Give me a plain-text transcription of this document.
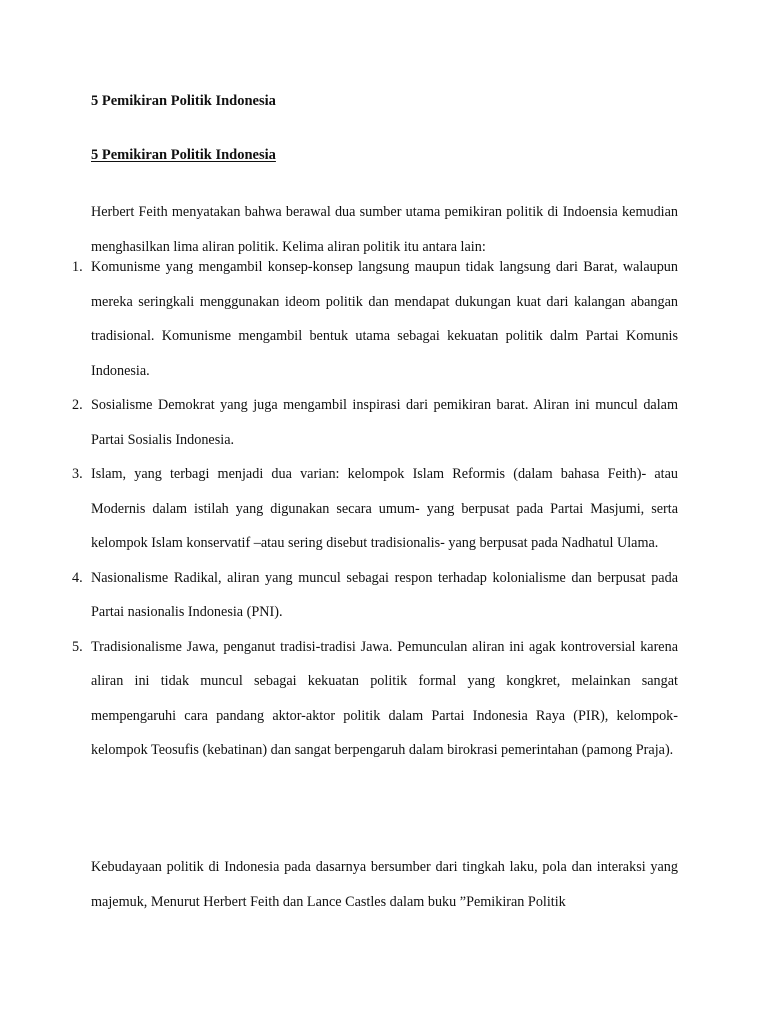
5 Pemikiran Politik Indonesia
5 Pemikiran Politik Indonesia

Herbert Feith menyatakan bahwa berawal dua sumber utama pemikiran politik di Indoensia kemudian menghasilkan lima aliran politik. Kelima aliran politik itu antara lain:

1. Komunisme yang mengambil konsep-konsep langsung maupun tidak langsung dari Barat, walaupun mereka seringkali menggunakan ideom politik dan mendapat dukungan kuat dari kalangan abangan tradisional. Komunisme mengambil bentuk utama sebagai kekuatan politik dalm Partai Komunis Indonesia.
2. Sosialisme Demokrat yang juga mengambil inspirasi dari pemikiran barat. Aliran ini muncul dalam Partai Sosialis Indonesia.
3. Islam, yang terbagi menjadi dua varian: kelompok Islam Reformis (dalam bahasa Feith)- atau Modernis dalam istilah yang digunakan secara umum- yang berpusat pada Partai Masjumi, serta kelompok Islam konservatif –atau sering disebut tradisionalis- yang berpusat pada Nadhatul Ulama.
4. Nasionalisme Radikal, aliran yang muncul sebagai respon terhadap kolonialisme dan berpusat pada Partai nasionalis Indonesia (PNI).
5. Tradisionalisme Jawa, penganut tradisi-tradisi Jawa. Pemunculan aliran ini agak kontroversial karena aliran ini tidak muncul sebagai kekuatan politik formal yang kongkret, melainkan sangat mempengaruhi cara pandang aktor-aktor politik dalam Partai Indonesia Raya (PIR), kelompok-kelompok Teosufis (kebatinan) dan sangat berpengaruh dalam birokrasi pemerintahan (pamong Praja).

Kebudayaan politik di Indonesia pada dasarnya bersumber dari tingkah laku, pola dan interaksi yang majemuk, Menurut Herbert Feith dan Lance Castles dalam buku ”Pemikiran Politik
